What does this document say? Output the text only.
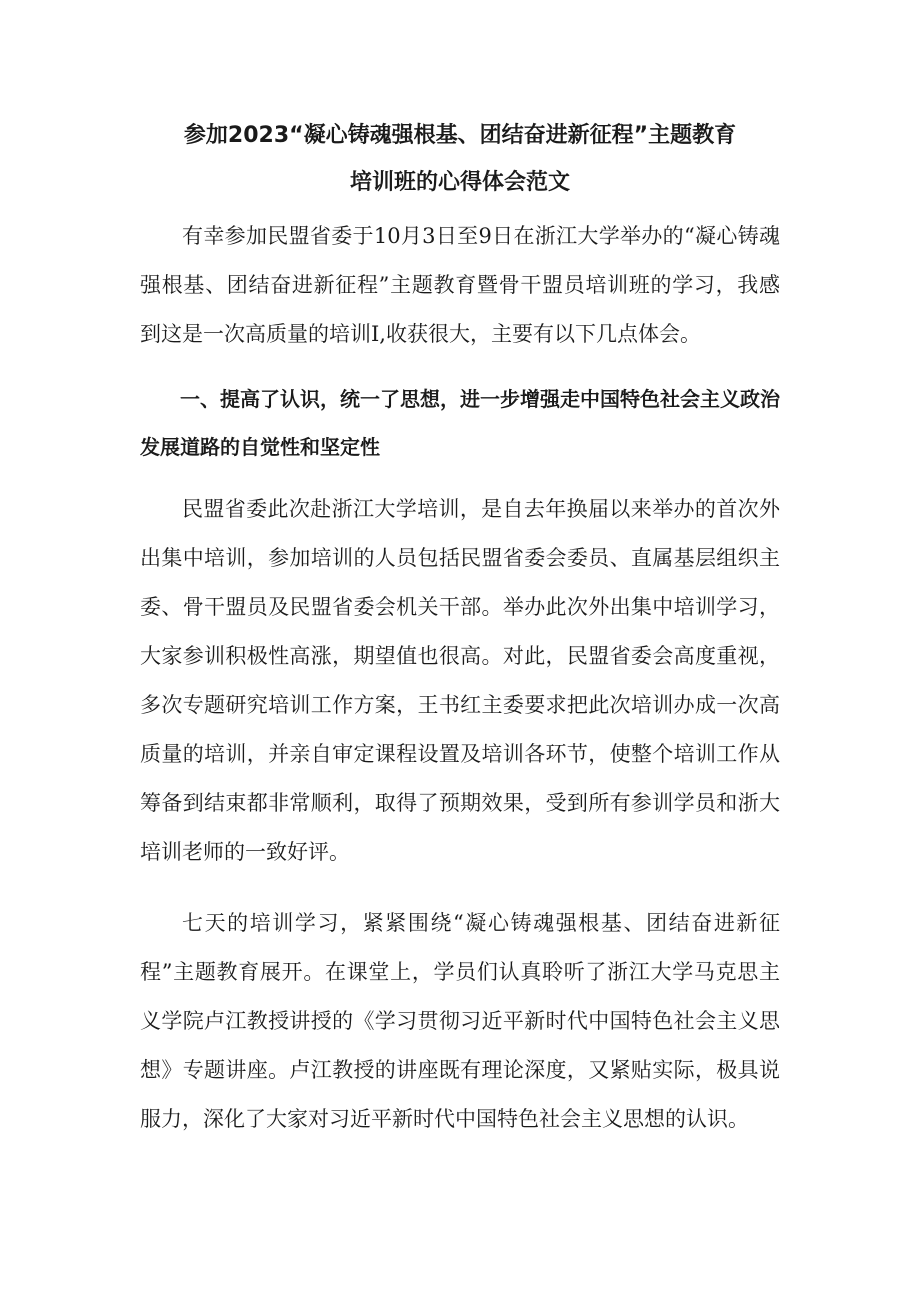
参加2023“凝心铸魂强根基、团结奋进新征程”主题教育
培训班的心得体会范文

有幸参加民盟省委于10月3日至9日在浙江大学举办的“凝心铸魂强根基、团结奋进新征程”主题教育暨骨干盟员培训班的学习，我感到这是一次高质量的培训I,收获很大，主要有以下几点体会。

一、提高了认识，统一了思想，进一步增强走中国特色社会主义政治发展道路的自觉性和坚定性

民盟省委此次赴浙江大学培训，是自去年换届以来举办的首次外出集中培训，参加培训的人员包括民盟省委会委员、直属基层组织主委、骨干盟员及民盟省委会机关干部。举办此次外出集中培训学习，大家参训积极性高涨，期望值也很高。对此，民盟省委会高度重视，多次专题研究培训工作方案，王书红主委要求把此次培训办成一次高质量的培训，并亲自审定课程设置及培训各环节，使整个培训工作从筹备到结束都非常顺利，取得了预期效果，受到所有参训学员和浙大培训老师的一致好评。

七天的培训学习，紧紧围绕“凝心铸魂强根基、团结奋进新征程”主题教育展开。在课堂上，学员们认真聆听了浙江大学马克思主义学院卢江教授讲授的《学习贯彻习近平新时代中国特色社会主义思想》专题讲座。卢江教授的讲座既有理论深度，又紧贴实际，极具说服力，深化了大家对习近平新时代中国特色社会主义思想的认识。
